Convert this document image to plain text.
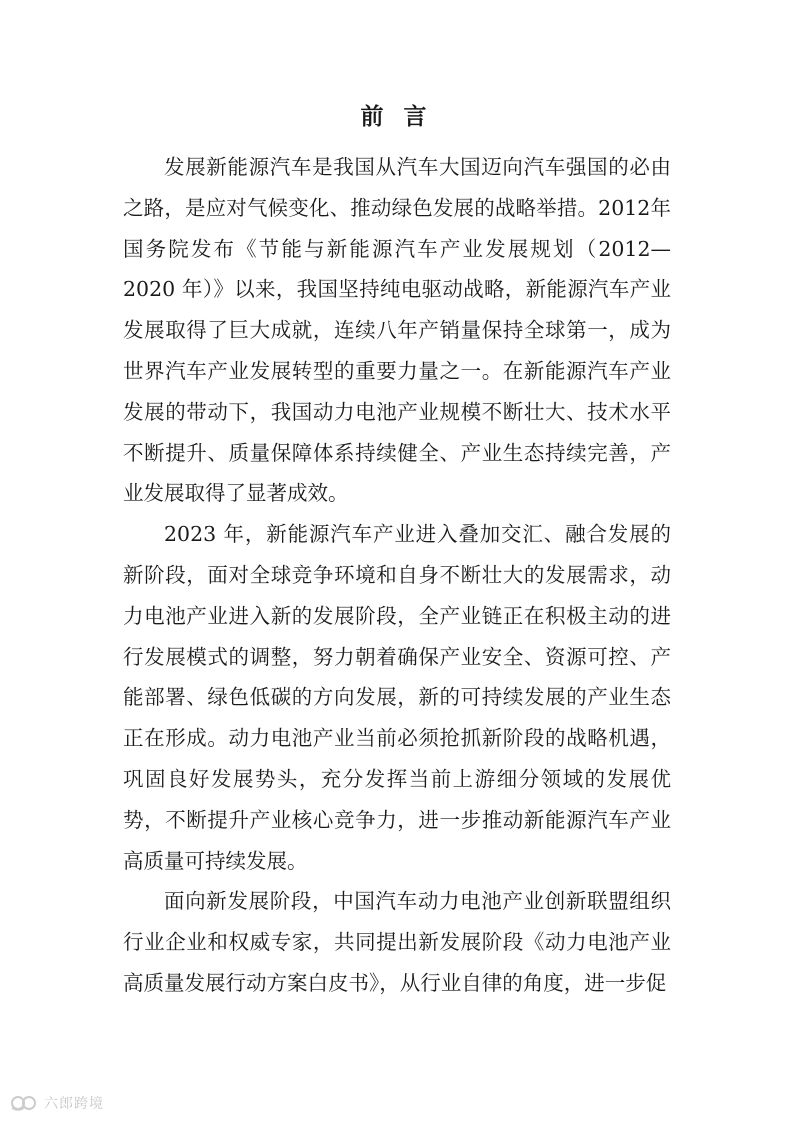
前 言

发展新能源汽车是我国从汽车大国迈向汽车强国的必由之路，是应对气候变化、推动绿色发展的战略举措。2012年国务院发布《节能与新能源汽车产业发展规划（2012—2020 年）》以来，我国坚持纯电驱动战略，新能源汽车产业发展取得了巨大成就，连续八年产销量保持全球第一，成为世界汽车产业发展转型的重要力量之一。在新能源汽车产业发展的带动下，我国动力电池产业规模不断壮大、技术水平不断提升、质量保障体系持续健全、产业生态持续完善，产业发展取得了显著成效。

2023 年，新能源汽车产业进入叠加交汇、融合发展的新阶段，面对全球竞争环境和自身不断壮大的发展需求，动力电池产业进入新的发展阶段，全产业链正在积极主动的进行发展模式的调整，努力朝着确保产业安全、资源可控、产能部署、绿色低碳的方向发展，新的可持续发展的产业生态正在形成。动力电池产业当前必须抢抓新阶段的战略机遇，巩固良好发展势头，充分发挥当前上游细分领域的发展优势，不断提升产业核心竞争力，进一步推动新能源汽车产业高质量可持续发展。

面向新发展阶段，中国汽车动力电池产业创新联盟组织行业企业和权威专家，共同提出新发展阶段《动力电池产业高质量发展行动方案白皮书》，从行业自律的角度，进一步促

六郎跨境
